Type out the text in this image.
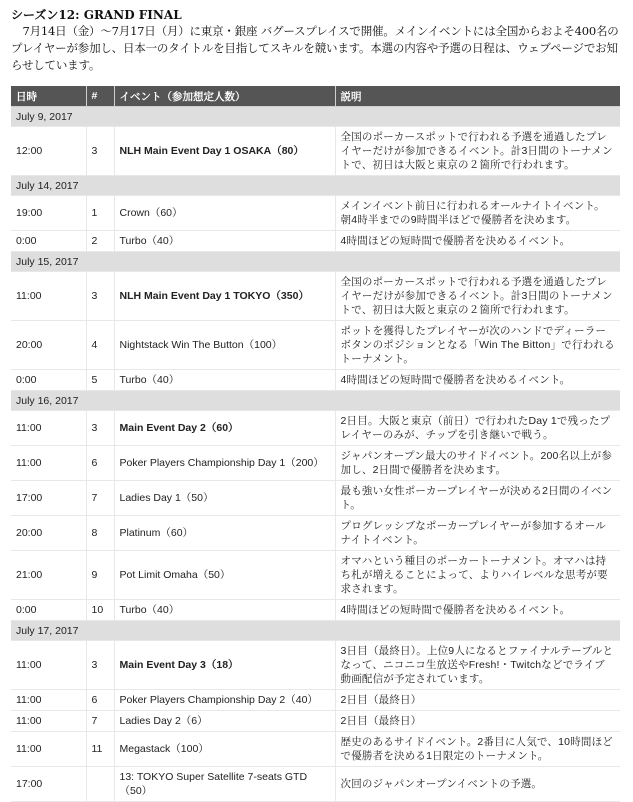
シーズン12: GRAND FINAL

7月14日（金）〜7月17日（月）に東京・銀座 バグースプレイスで開催。メインイベントには全国からおよそ400名のプレイヤーが参加し、日本一のタイトルを目指してスキルを競います。本選の内容や予選の日程は、ウェブページでお知らせしています。

日時	#	イベント（参加想定人数）	説明
July 9, 2017			
12:00	3	NLH Main Event Day 1 OSAKA（80）	全国のポーカースポットで行われる予選を通過したプレイヤーだけが参加できるイベント。計3日間のトーナメントで、初日は大阪と東京の２箇所で行われます。
July 14, 2017			
19:00	1	Crown（60）	メインイベント前日に行われるオールナイトイベント。朝4時半までの9時間半ほどで優勝者を決めます。
0:00	2	Turbo（40）	4時間ほどの短時間で優勝者を決めるイベント。
July 15, 2017			
11:00	3	NLH Main Event Day 1 TOKYO（350）	全国のポーカースポットで行われる予選を通過したプレイヤーだけが参加できるイベント。計3日間のトーナメントで、初日は大阪と東京の２箇所で行われます。
20:00	4	Nightstack Win The Button（100）	ポットを獲得したプレイヤーが次のハンドでディーラーボタンのポジションとなる「Win The Bitton」で行われるトーナメント。
0:00	5	Turbo（40）	4時間ほどの短時間で優勝者を決めるイベント。
July 16, 2017			
11:00	3	Main Event Day 2（60）	2日目。大阪と東京（前日）で行われたDay 1で残ったプレイヤーのみが、チップを引き継いで戦う。
11:00	6	Poker Players Championship Day 1（200）	ジャパンオープン最大のサイドイベント。200名以上が参加し、2日間で優勝者を決めます。
17:00	7	Ladies Day 1（50）	最も強い女性ポーカープレイヤーが決める2日間のイベント。
20:00	8	Platinum（60）	プログレッシブなポーカープレイヤーが参加するオールナイトイベント。
21:00	9	Pot Limit Omaha（50）	オマハという種目のポーカートーナメント。オマハは持ち札が増えることによって、よりハイレベルな思考が要求されます。
0:00	10	Turbo（40）	4時間ほどの短時間で優勝者を決めるイベント。
July 17, 2017			
11:00	3	Main Event Day 3（18）	3日目（最終日）。上位9人になるとファイナルテーブルとなって、ニコニコ生放送やFresh!・Twitchなどでライブ動画配信が予定されています。
11:00	6	Poker Players Championship Day 2（40）	2日目（最終日）
11:00	7	Ladies Day 2（6）	2日目（最終日）
11:00	11	Megastack（100）	歴史のあるサイドイベント。2番目に人気で、10時間ほどで優勝者を決める1日限定のトーナメント。
17:00		13: TOKYO Super Satellite 7-seats GTD（50）	次回のジャパンオープンイベントの予選。
